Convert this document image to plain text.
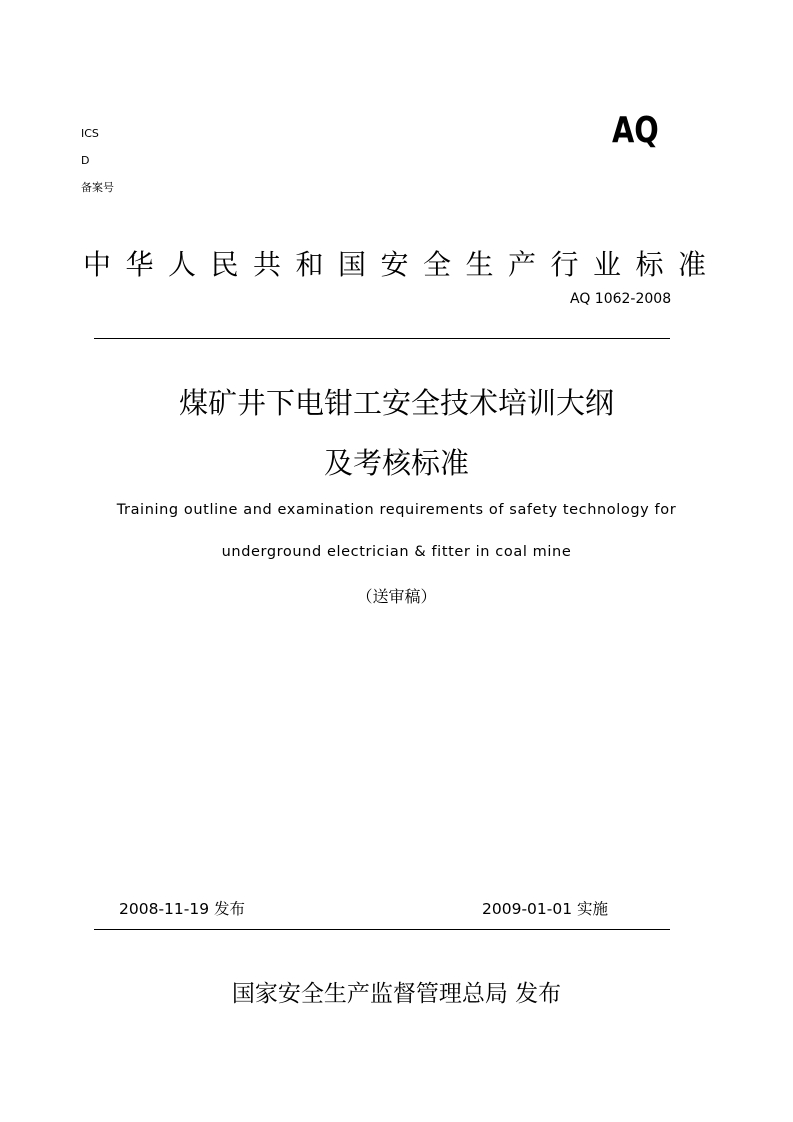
ICS
D
备案号
AQ
中华人民共和国安全生产行业标准
AQ 1062-2008
煤矿井下电钳工安全技术培训大纲
及考核标准
Training outline and examination requirements of safety technology for
underground electrician & fitter in coal mine
（送审稿）
2008-11-19 发布	2009-01-01 实施
国家安全生产监督管理总局 发布
